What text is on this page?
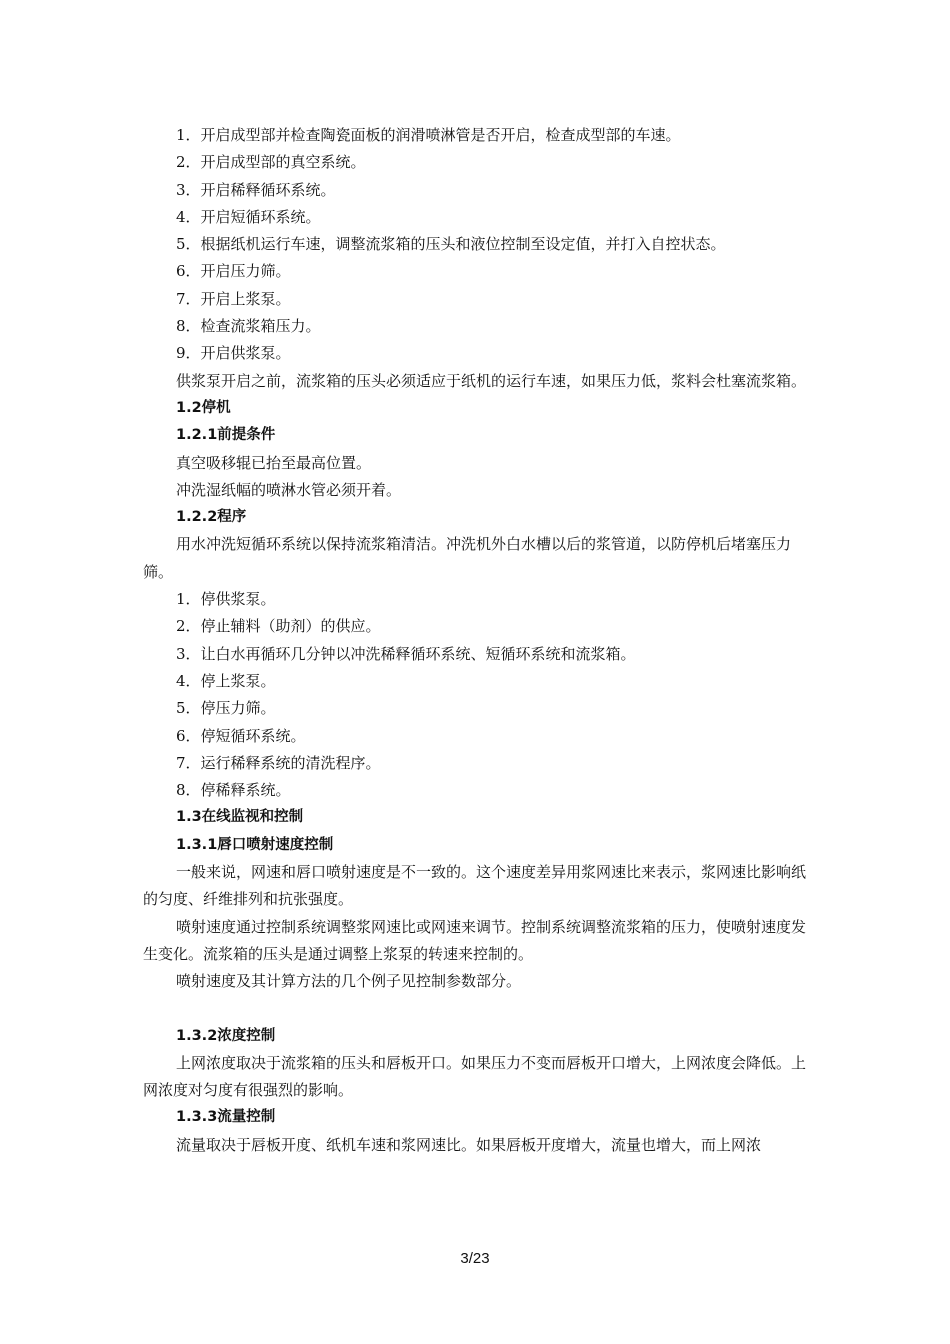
1．开启成型部并检查陶瓷面板的润滑喷淋管是否开启，检查成型部的车速。

2．开启成型部的真空系统。

3．开启稀释循环系统。

4．开启短循环系统。

5．根据纸机运行车速，调整流浆箱的压头和液位控制至设定值，并打入自控状态。

6．开启压力筛。

7．开启上浆泵。

8．检查流浆箱压力。

9．开启供浆泵。

供浆泵开启之前，流浆箱的压头必须适应于纸机的运行车速，如果压力低，浆料会杜塞流浆箱。

1.2停机

1.2.1前提条件

真空吸移辊已抬至最高位置。

冲洗湿纸幅的喷淋水管必须开着。

1.2.2程序

用水冲洗短循环系统以保持流浆箱清洁。冲洗机外白水槽以后的浆管道，以防停机后堵塞压力筛。

1．停供浆泵。

2．停止辅料（助剂）的供应。

3．让白水再循环几分钟以冲洗稀释循环系统、短循环系统和流浆箱。

4．停上浆泵。

5．停压力筛。

6．停短循环系统。

7．运行稀释系统的清洗程序。

8．停稀释系统。

1.3在线监视和控制

1.3.1唇口喷射速度控制

一般来说，网速和唇口喷射速度是不一致的。这个速度差异用浆网速比来表示，浆网速比影响纸的匀度、纤维排列和抗张强度。

喷射速度通过控制系统调整浆网速比或网速来调节。控制系统调整流浆箱的压力，使喷射速度发生变化。流浆箱的压头是通过调整上浆泵的转速来控制的。

喷射速度及其计算方法的几个例子见控制参数部分。

1.3.2浓度控制

上网浓度取决于流浆箱的压头和唇板开口。如果压力不变而唇板开口增大，上网浓度会降低。上网浓度对匀度有很强烈的影响。

1.3.3流量控制

流量取决于唇板开度、纸机车速和浆网速比。如果唇板开度增大，流量也增大，而上网浓

3/23
